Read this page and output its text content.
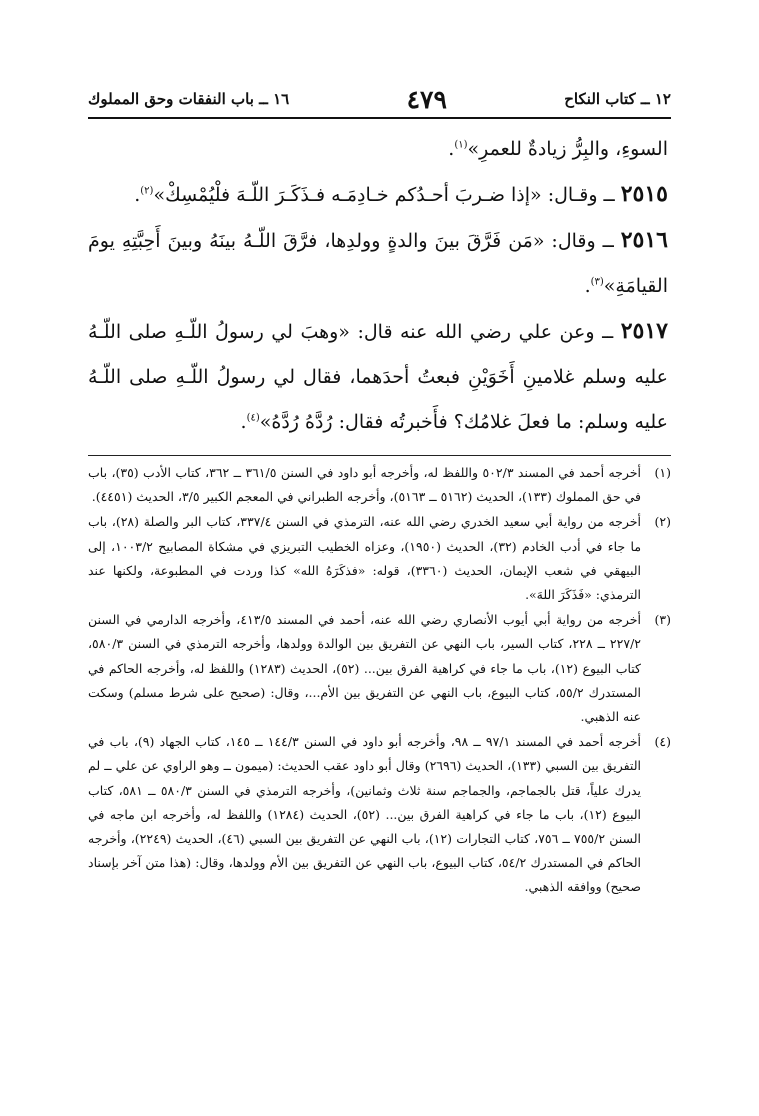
١٢ ــ كتاب النكاح
٤٧٩
١٦ ــ باب النفقات وحق المملوك

السوءِ، والبِرُّ زيادةٌ للعمرِ»$^{(١)}$.

٢٥١٥ ــ وقـال: «إذا ضـربَ أحـدُكم خـادِمَـه فـذَكَـرَ اللّـهَ فلْيُمْسِكْ»$^{(٢)}$.

٢٥١٦ ــ وقال: «مَن فَرَّقَ بينَ والدةٍ وولدِها، فرَّقَ اللّـهُ بينَهُ وبينَ أَحِبَّتِهِ يومَ القيامَةِ»$^{(٣)}$.

٢٥١٧ ــ وعن علي رضي الله عنه قال: «وهبَ لي رسولُ اللّـهِ صلى اللّـهُ عليه وسلم غلامينِ أَخَوَيْنِ فبعتُ أحدَهما، فقال لي رسولُ اللّـهِ صلى اللّـهُ عليه وسلم: ما فعلَ غلامُك؟ فأَخبرتُه فقال: رُدَّهُ رُدَّهُ»$^{(٤)}$.

(١)
أخرجه أحمد في المسند ٥٠٢/٣ واللفظ له، وأخرجه أبو داود في السنن ٣٦١/٥ ــ ٣٦٢، كتاب الأدب (٣٥)، باب في حق المملوك (١٣٣)، الحديث (٥١٦٢ ــ ٥١٦٣)، وأخرجه الطبراني في المعجم الكبير ٣/٥، الحديث (٤٤٥١).
(٢)
أخرجه من رواية أبي سعيد الخدري رضي الله عنه، الترمذي في السنن ٣٣٧/٤، كتاب البر والصلة (٢٨)، باب ما جاء في أدب الخادم (٣٢)، الحديث (١٩٥٠)، وعزاه الخطيب التبريزي في مشكاة المصابيح ١٠٠٣/٢، إلى البيهقي في شعب الإيمان، الحديث (٣٣٦٠)، قوله: «فذكَرَهُ الله» كذا وردت في المطبوعة، ولكنها عند الترمذي: «فَذَكَرَ اللهَ».
(٣)
أخرجه من رواية أبي أيوب الأنصاري رضي الله عنه، أحمد في المسند ٤١٣/٥، وأخرجه الدارمي في السنن ٢٢٧/٢ ــ ٢٢٨، كتاب السير، باب النهي عن التفريق بين الوالدة وولدها، وأخرجه الترمذي في السنن ٥٨٠/٣، كتاب البيوع (١٢)، باب ما جاء في كراهية الفرق بين... (٥٢)، الحديث (١٢٨٣) واللفظ له، وأخرجه الحاكم في المستدرك ٥٥/٢، كتاب البيوع، باب النهي عن التفريق بين الأم...، وقال: (صحيح على شرط مسلم) وسكت عنه الذهبي.
(٤)
أخرجه أحمد في المسند ٩٧/١ ــ ٩٨، وأخرجه أبو داود في السنن ١٤٤/٣ ــ ١٤٥، كتاب الجهاد (٩)، باب في التفريق بين السبي (١٣٣)، الحديث (٢٦٩٦) وقال أبو داود عقب الحديث: (ميمون ــ وهو الراوي عن علي ــ لم يدرك علياً، قتل بالجماجم، والجماجم سنة ثلاث وثمانين)، وأخرجه الترمذي في السنن ٥٨٠/٣ ــ ٥٨١، كتاب البيوع (١٢)، باب ما جاء في كراهية الفرق بين... (٥٢)، الحديث (١٢٨٤) واللفظ له، وأخرجه ابن ماجه في السنن ٧٥٥/٢ ــ ٧٥٦، كتاب التجارات (١٢)، باب النهي عن التفريق بين السبي (٤٦)، الحديث (٢٢٤٩)، وأخرجه الحاكم في المستدرك ٥٤/٢، كتاب البيوع، باب النهي عن التفريق بين الأم وولدها، وقال: (هذا متن آخر بإسناد صحيح) ووافقه الذهبي.
